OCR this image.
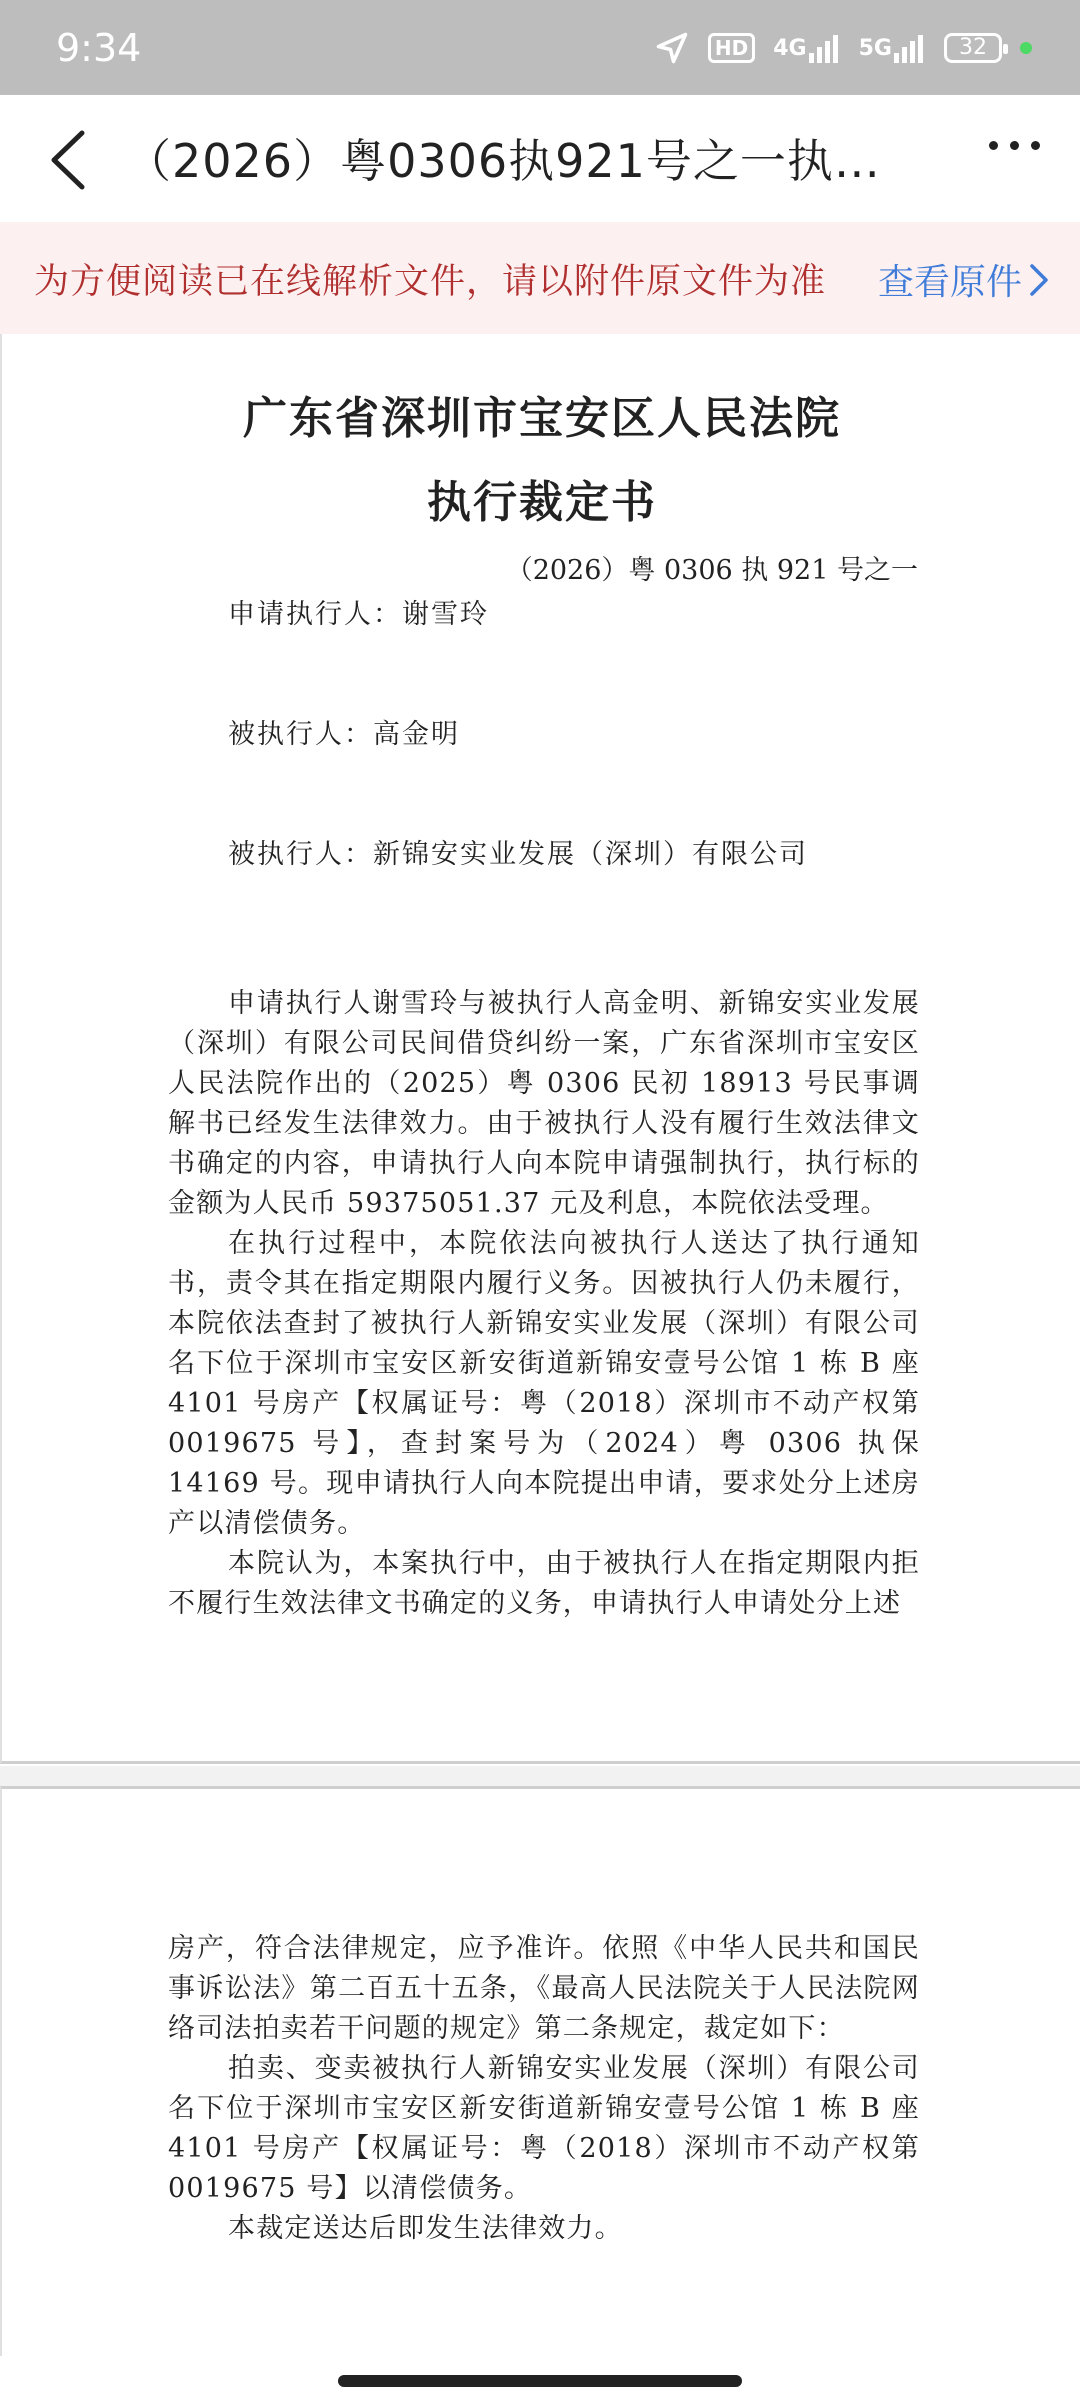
9:34	HD	4G 5G	32
（2026）粤0306执921号之一执…
为方便阅读已在线解析文件，请以附件原文件为准 查看原件
广东省深圳市宝安区人民法院
执行裁定书
（2026）粤 0306 执 921 号之一
申请执行人：谢雪玲
被执行人：高金明
被执行人：新锦安实业发展（深圳）有限公司
申请执行人谢雪玲与被执行人高金明、新锦安实业发展（深圳）有限公司民间借贷纠纷一案，广东省深圳市宝安区人民法院作出的（2025）粤 0306 民初 18913 号民事调解书已经发生法律效力。由于被执行人没有履行生效法律文书确定的内容，申请执行人向本院申请强制执行，执行标的金额为人民币 59375051.37 元及利息，本院依法受理。
在执行过程中，本院依法向被执行人送达了执行通知书，责令其在指定期限内履行义务。因被执行人仍未履行，本院依法查封了被执行人新锦安实业发展（深圳）有限公司名下位于深圳市宝安区新安街道新锦安壹号公馆 1 栋 B 座 4101 号房产【权属证号：粤（2018）深圳市不动产权第 0019675 号】，查封案号为（2024）粤 0306 执保 14169 号。现申请执行人向本院提出申请，要求处分上述房产以清偿债务。
本院认为，本案执行中，由于被执行人在指定期限内拒不履行生效法律文书确定的义务，申请执行人申请处分上述
房产，符合法律规定，应予准许。依照《中华人民共和国民事诉讼法》第二百五十五条，《最高人民法院关于人民法院网络司法拍卖若干问题的规定》第二条规定，裁定如下：
拍卖、变卖被执行人新锦安实业发展（深圳）有限公司名下位于深圳市宝安区新安街道新锦安壹号公馆 1 栋 B 座 4101 号房产【权属证号：粤（2018）深圳市不动产权第 0019675 号】以清偿债务。
本裁定送达后即发生法律效力。
